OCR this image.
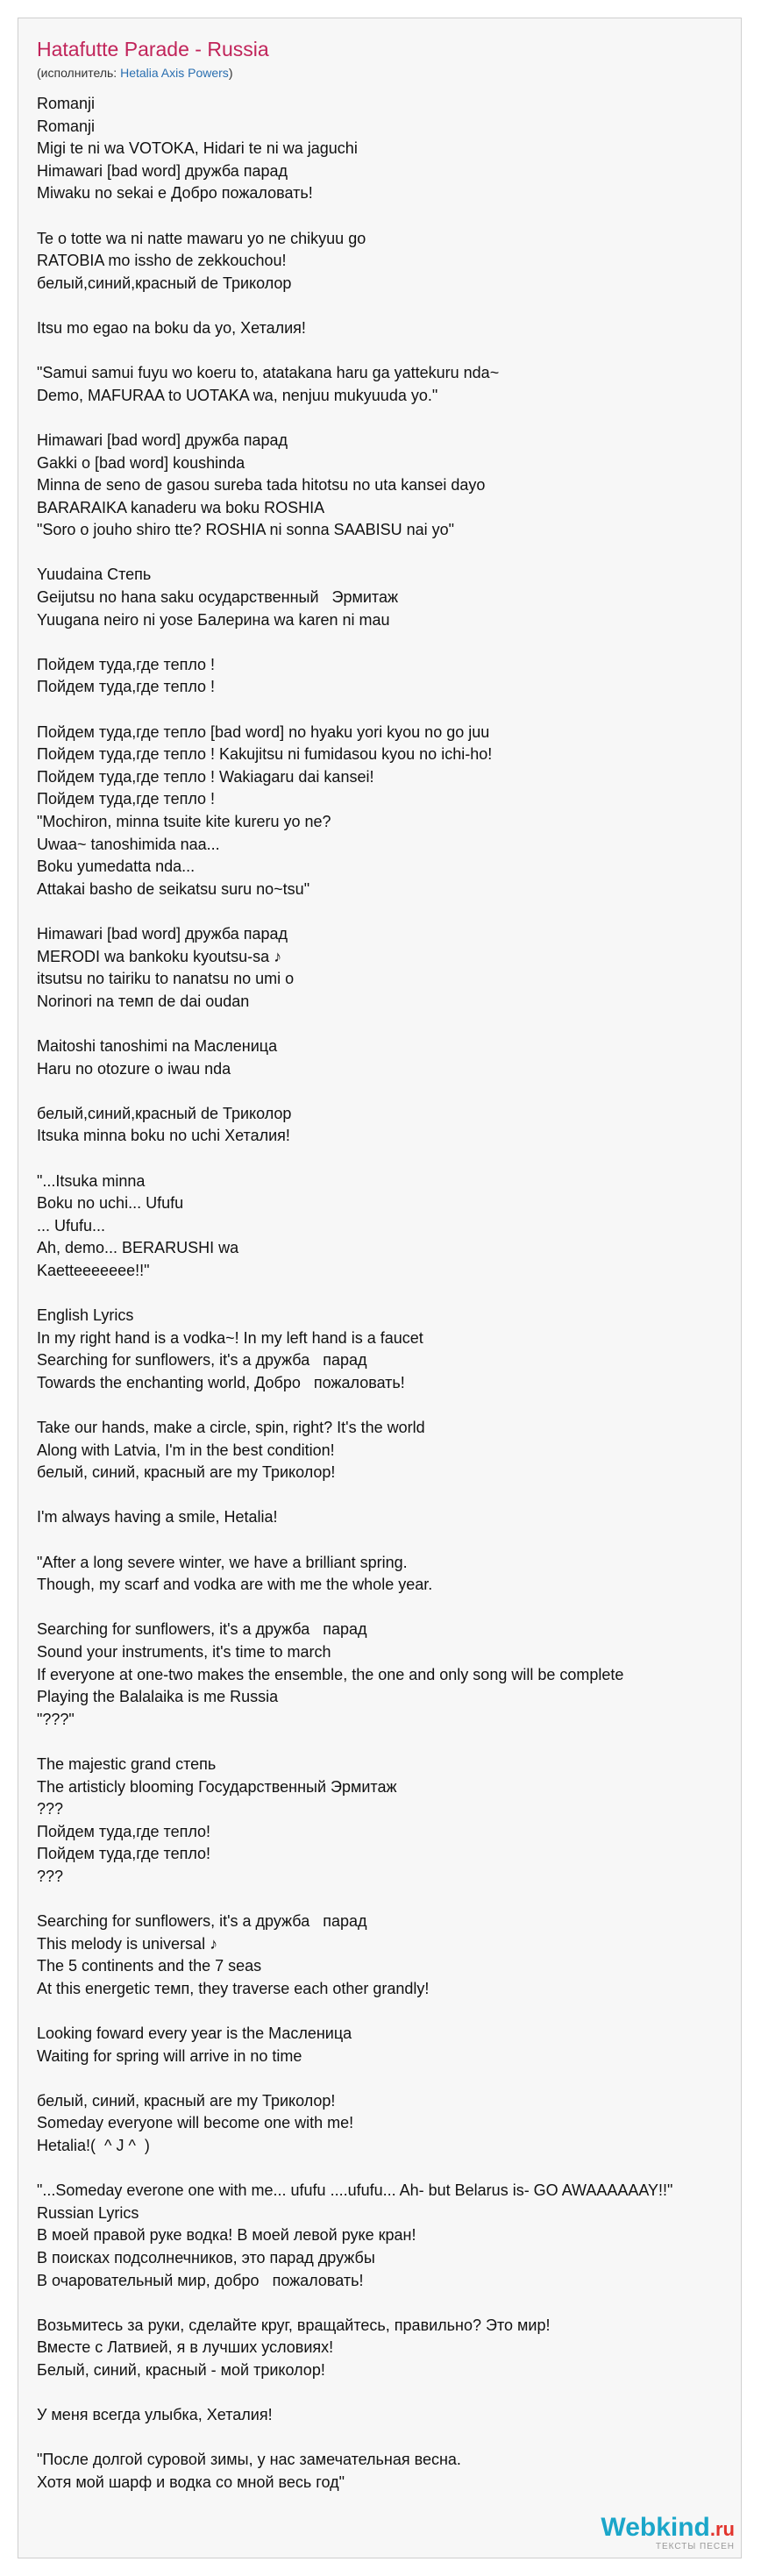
Hatafutte Parade - Russia
(исполнитель: Hetalia Axis Powers)
Romanji
Romanji
Migi te ni wa VOTOKA, Hidari te ni wa jaguchi
Himawari [bad word] дружба парад
Miwaku no sekai e Добро пожаловать!
Te o totte wa ni natte mawaru yo ne chikyuu go
RATOBIA mo issho de zekkouchou!
белый,синий,красный de Триколор
Itsu mo egao na boku da yo, Хеталия!
"Samui samui fuyu wo koeru to, atatakana haru ga yattekuru nda~
Demo, MAFURAA to UOTAKA wa, nenjuu mukyuuda yo."
Himawari [bad word] дружба парад
Gakki o [bad word] koushinda
Minna de seno de gasou sureba tada hitotsu no uta kansei dayo
BARARAIKA kanaderu wa boku ROSHIA
"Soro o jouho shiro tte? ROSHIA ni sonna SAABISU nai yo"
Yuudaina Степь
Geijutsu no hana saku осударственный   Эрмитаж
Yuugana neiro ni yose Балерина wa karen ni mau
Пойдем туда,где тепло !
Пойдем туда,где тепло !
Пойдем туда,где тепло [bad word] no hyaku yori kyou no go juu
Пойдем туда,где тепло ! Kakujitsu ni fumidasou kyou no ichi-ho!
Пойдем туда,где тепло ! Wakiagaru dai kansei!
Пойдем туда,где тепло !
"Mochiron, minna tsuite kite kureru yo ne?
Uwaa~ tanoshimida naa...
Boku yumedatta nda...
Attakai basho de seikatsu suru no~tsu"
Himawari [bad word] дружба парад
MERODI wa bankoku kyoutsu-sa ♪
itsutsu no tairiku to nanatsu no umi o
Norinori na темп de dai oudan
Maitoshi tanoshimi na Масленица
Haru no otozure o iwau nda
белый,синий,красный de Триколор
Itsuka minna boku no uchi Хеталия!
"...Itsuka minna
Boku no uchi... Ufufu
... Ufufu...
Ah, demo... BERARUSHI wa
Kaetteeeeeee!!"
English Lyrics
In my right hand is a vodka~! In my left hand is a faucet
Searching for sunflowers, it's a дружба   парад
Towards the enchanting world, Добро   пожаловать!
Take our hands, make a circle, spin, right? It's the world
Along with Latvia, I'm in the best condition!
белый, синий, красный are my Триколор!
I'm always having a smile, Hetalia!
"After a long severe winter, we have a brilliant spring.
Though, my scarf and vodka are with me the whole year.
Searching for sunflowers, it's a дружба   парад
Sound your instruments, it's time to march
If everyone at one-two makes the ensemble, the one and only song will be complete
Playing the Balalaika is me Russia
"???"
The majestic grand степь
The artisticly blooming Государственный Эрмитаж
???
Пойдем туда,где тепло!
Пойдем туда,где тепло!
???
Searching for sunflowers, it's a дружба   парад
This melody is universal ♪
The 5 continents and the 7 seas
At this energetic темп, they traverse each other grandly!
Looking foward every year is the Масленица
Waiting for spring will arrive in no time
белый, синий, красный are my Триколор!
Someday everyone will become one with me!
Hetalia!(  ^ J ^  )
"...Someday everone one with me... ufufu ....ufufu... Ah- but Belarus is- GO AWAAAAAAY!!"
Russian Lyrics
В моей правой руке водка! В моей левой руке кран!
В поисках подсолнечников, это парад дружбы
В очаровательный мир, добро   пожаловать!
Возьмитесь за руки, сделайте круг, вращайтесь, правильно? Это мир!
Вместе с Латвией, я в лучших условиях!
Белый, синий, красный - мой триколор!
У меня всегда улыбка, Хеталия!
"После долгой суровой зимы, у нас замечательная весна.
Хотя мой шарф и водка со мной весь год"
Webkind.ru
ТЕКСТЫ ПЕСЕН
